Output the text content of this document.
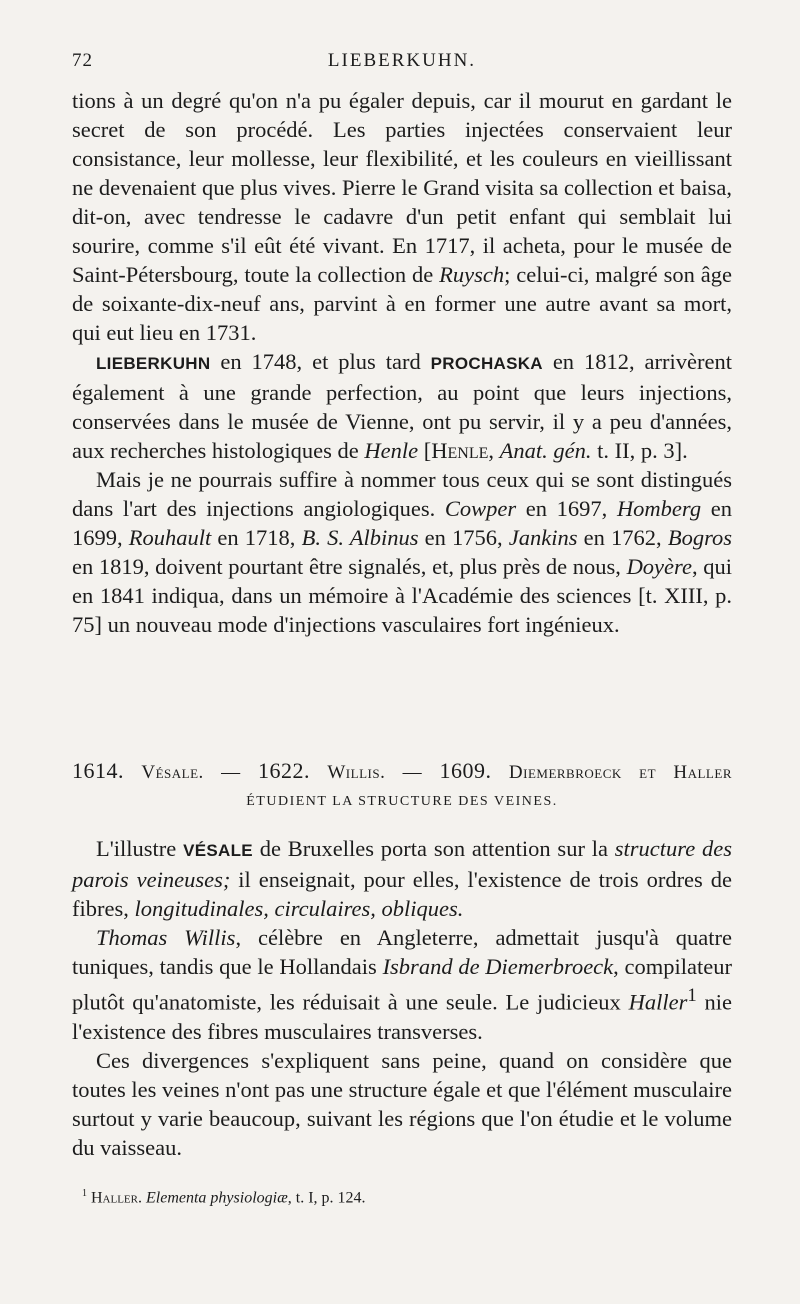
72	LIEBERKUHN.

tions à un degré qu'on n'a pu égaler depuis, car il mourut en gardant le secret de son procédé. Les parties injectées conservaient leur consistance, leur mollesse, leur flexibilité, et les couleurs en vieillissant ne devenaient que plus vives. Pierre le Grand visita sa collection et baisa, dit-on, avec tendresse le cadavre d'un petit enfant qui semblait lui sourire, comme s'il eût été vivant. En 1717, il acheta, pour le musée de Saint-Pétersbourg, toute la collection de Ruysch; celui-ci, malgré son âge de soixante-dix-neuf ans, parvint à en former une autre avant sa mort, qui eut lieu en 1731.

LIEBERKUHN en 1748, et plus tard PROCHASKA en 1812, arrivèrent également à une grande perfection, au point que leurs injections, conservées dans le musée de Vienne, ont pu servir, il y a peu d'années, aux recherches histologiques de Henle [Henle, Anat. gén. t. II, p. 3].

Mais je ne pourrais suffire à nommer tous ceux qui se sont distingués dans l'art des injections angiologiques. Cowper en 1697, Homberg en 1699, Rouhault en 1718, B. S. Albinus en 1756, Jankins en 1762, Bogros en 1819, doivent pourtant être signalés, et, plus près de nous, Doyère, qui en 1841 indiqua, dans un mémoire à l'Académie des sciences [t. XIII, p. 75] un nouveau mode d'injections vasculaires fort ingénieux.

1614. Vésale. — 1622. Willis. — 1609. Diemerbroeck et Haller
ÉTUDIENT LA STRUCTURE DES VEINES.

L'illustre VÉSALE de Bruxelles porta son attention sur la structure des parois veineuses; il enseignait, pour elles, l'existence de trois ordres de fibres, longitudinales, circulaires, obliques.

Thomas Willis, célèbre en Angleterre, admettait jusqu'à quatre tuniques, tandis que le Hollandais Isbrand de Diemerbroeck, compilateur plutôt qu'anatomiste, les réduisait à une seule. Le judicieux Haller$^1$ nie l'existence des fibres musculaires transverses.

Ces divergences s'expliquent sans peine, quand on considère que toutes les veines n'ont pas une structure égale et que l'élément musculaire surtout y varie beaucoup, suivant les régions que l'on étudie et le volume du vaisseau.

$^1$ Haller. Elementa physiologiæ, t. I, p. 124.
